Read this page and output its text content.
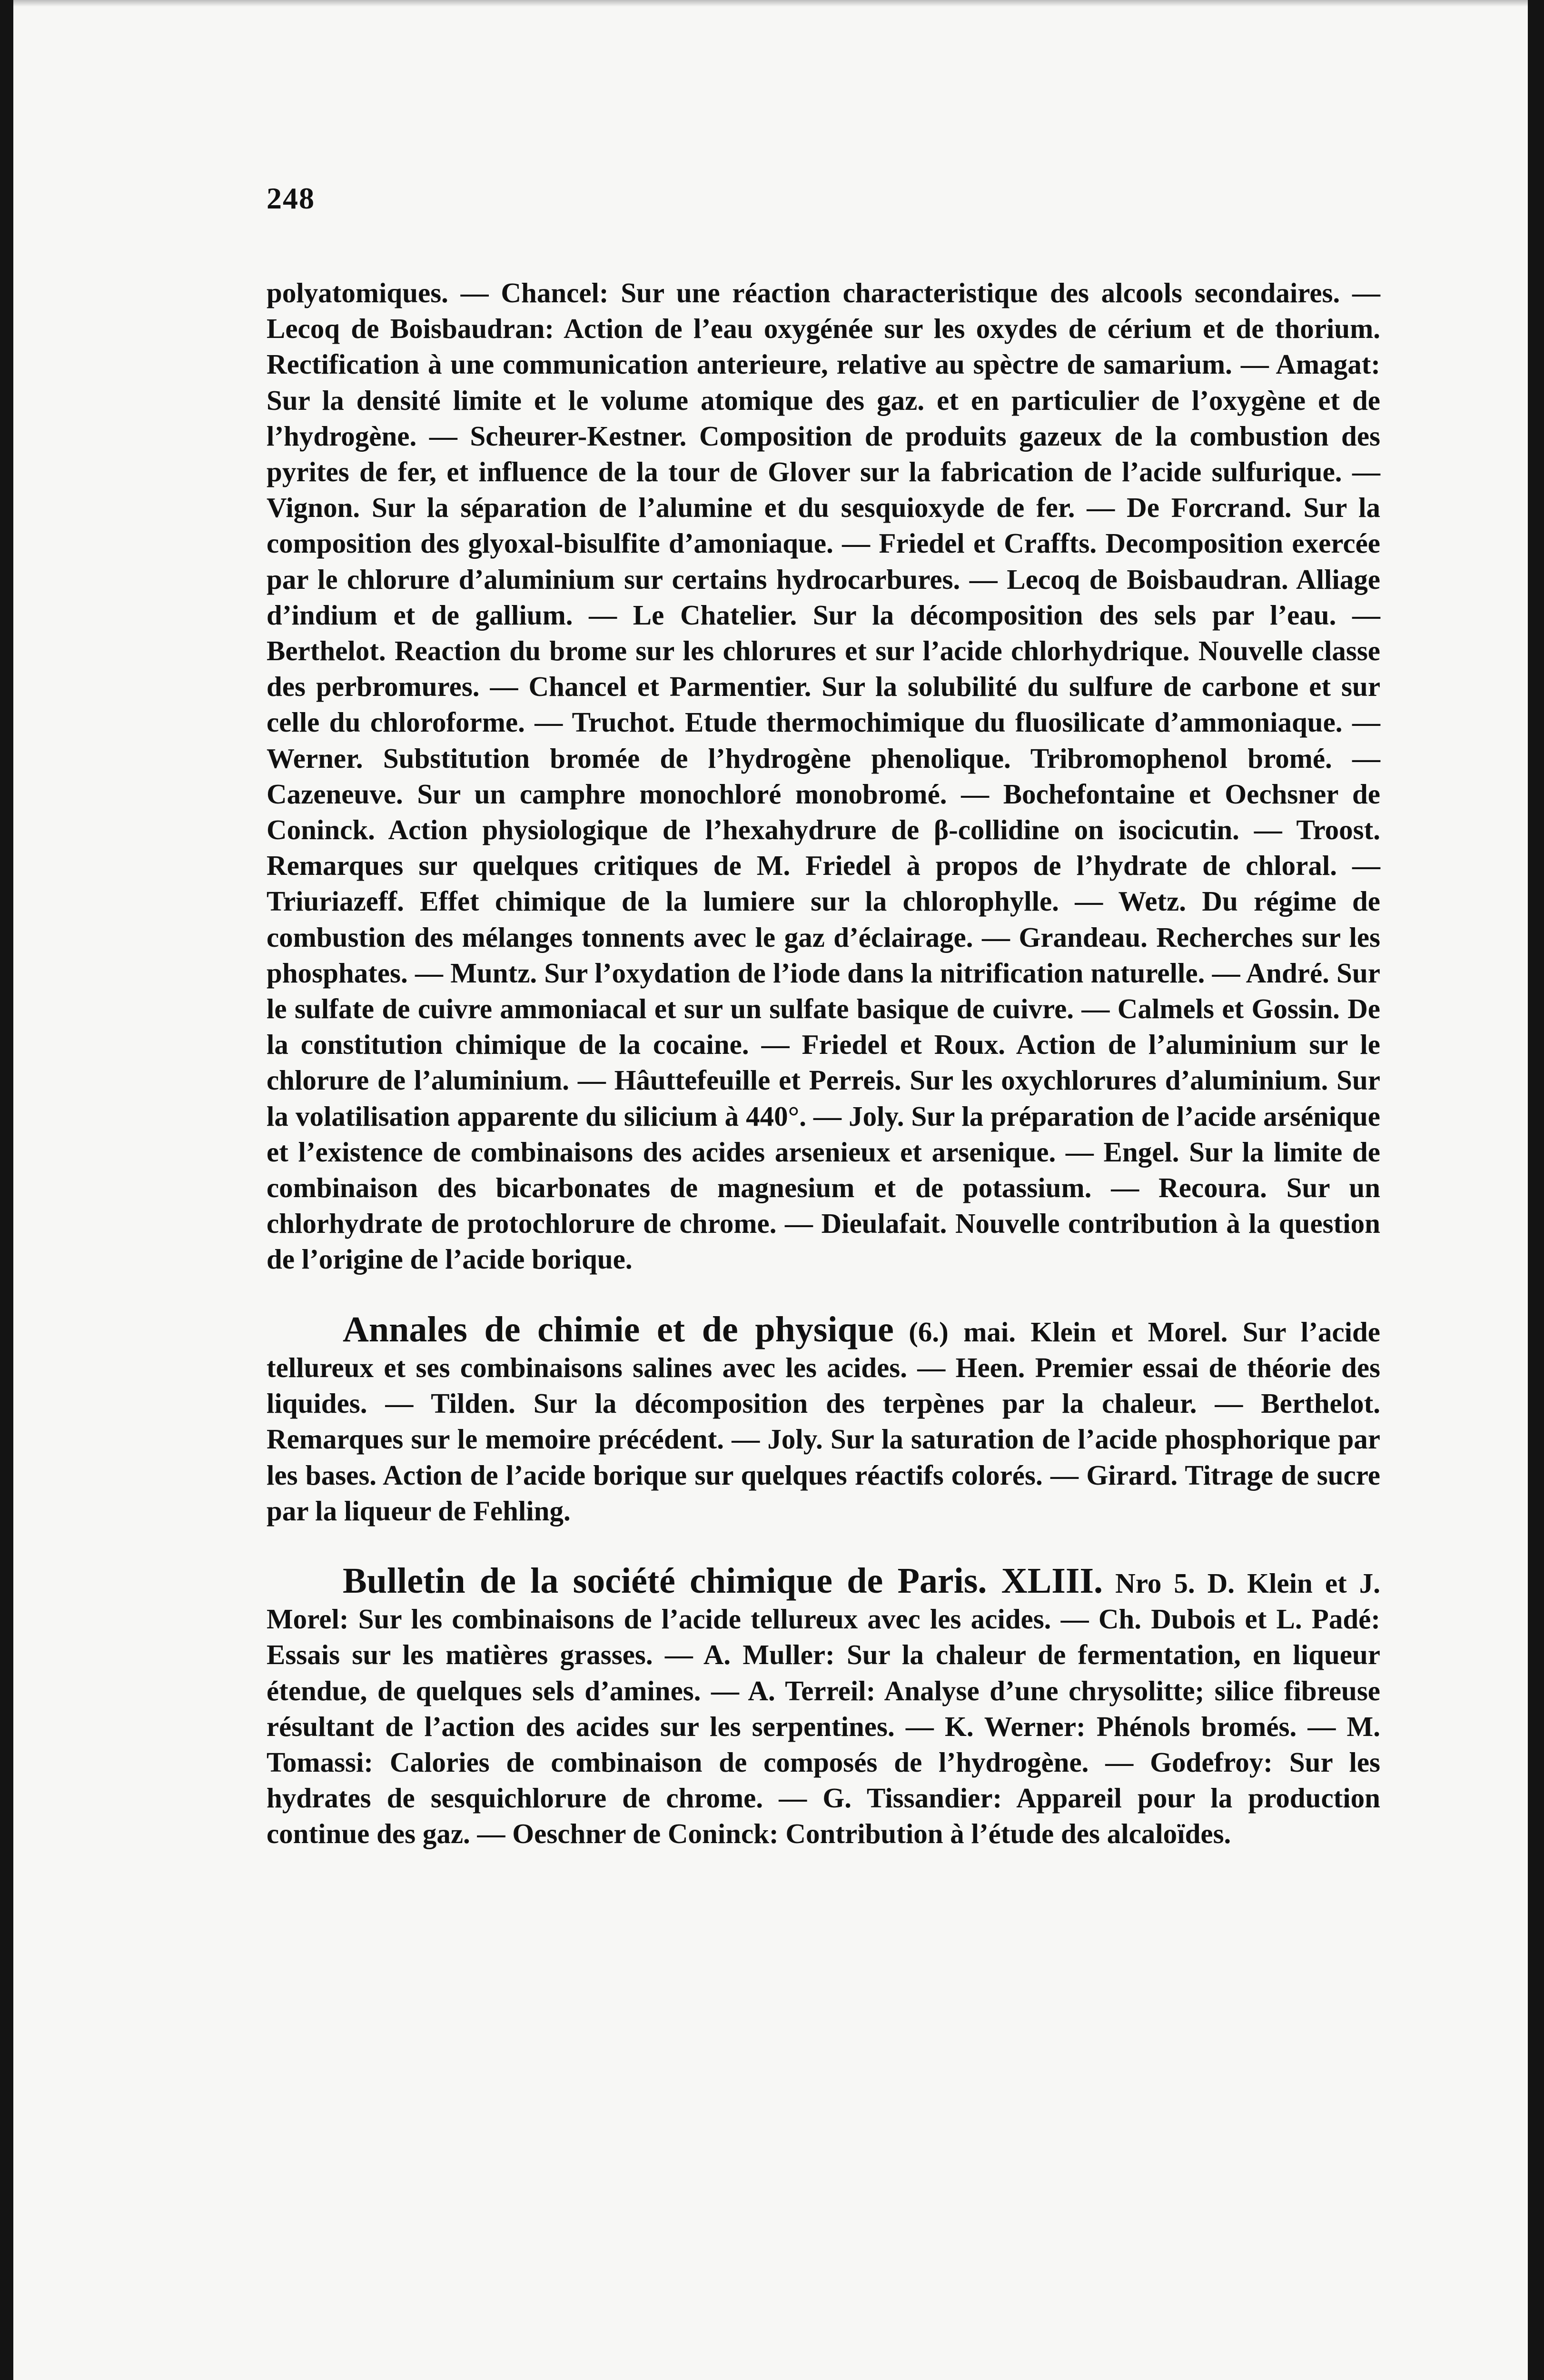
248

polyatomiques. — Chancel: Sur une réaction characteristique des alcools secondaires. — Lecoq de Boisbaudran: Action de l’eau oxygénée sur les oxydes de cérium et de thorium. Rectification à une communication anterieure, relative au spèctre de samarium. — Amagat: Sur la densité limite et le volume atomique des gaz. et en particulier de l’oxygène et de l’hydrogène. — Scheurer-Kestner. Composition de produits gazeux de la combustion des pyrites de fer, et influence de la tour de Glover sur la fabrication de l’acide sulfurique. — Vignon. Sur la séparation de l’alumine et du sesquioxyde de fer. — De Forcrand. Sur la composition des glyoxal-bisulfite d’amoniaque. — Friedel et Craffts. Decomposition exercée par le chlorure d’aluminium sur certains hydrocarbures. — Lecoq de Boisbaudran. Alliage d’indium et de gallium. — Le Chatelier. Sur la décomposition des sels par l’eau. — Berthelot. Reaction du brome sur les chlorures et sur l’acide chlorhydrique. Nouvelle classe des perbromures. — Chancel et Parmentier. Sur la solubilité du sulfure de carbone et sur celle du chloroforme. — Truchot. Etude thermochimique du fluosilicate d’ammoniaque. — Werner. Substitution bromée de l’hydrogène phenolique. Tribromophenol bromé. — Cazeneuve. Sur un camphre monochloré monobromé. — Bochefontaine et Oechsner de Coninck. Action physiologique de l’hexahydrure de β-collidine on isocicutin. — Troost. Remarques sur quelques critiques de M. Friedel à propos de l’hydrate de chloral. — Triuriazeff. Effet chimique de la lumiere sur la chlorophylle. — Wetz. Du régime de combustion des mélanges tonnents avec le gaz d’éclairage. — Grandeau. Recherches sur les phosphates. — Muntz. Sur l’oxydation de l’iode dans la nitrification naturelle. — André. Sur le sulfate de cuivre ammoniacal et sur un sulfate basique de cuivre. — Calmels et Gossin. De la constitution chimique de la cocaine. — Friedel et Roux. Action de l’aluminium sur le chlorure de l’aluminium. — Hâuttefeuille et Perreis. Sur les oxychlorures d’aluminium. Sur la volatilisation apparente du silicium à 440°. — Joly. Sur la préparation de l’acide arsénique et l’existence de combinaisons des acides arsenieux et arsenique. — Engel. Sur la limite de combinaison des bicarbonates de magnesium et de potassium. — Recoura. Sur un chlorhydrate de protochlorure de chrome. — Dieulafait. Nouvelle contribution à la question de l’origine de l’acide borique.

Annales de chimie et de physique (6.) mai. Klein et Morel. Sur l’acide tellureux et ses combinaisons salines avec les acides. — Heen. Premier essai de théorie des liquides. — Tilden. Sur la décomposition des terpènes par la chaleur. — Berthelot. Remarques sur le memoire précédent. — Joly. Sur la saturation de l’acide phosphorique par les bases. Action de l’acide borique sur quelques réactifs colorés. — Girard. Titrage de sucre par la liqueur de Fehling.

Bulletin de la société chimique de Paris. XLIII. Nro 5. D. Klein et J. Morel: Sur les combinaisons de l’acide tellureux avec les acides. — Ch. Dubois et L. Padé: Essais sur les matières grasses. — A. Muller: Sur la chaleur de fermentation, en liqueur étendue, de quelques sels d’amines. — A. Terreil: Analyse d’une chrysolitte; silice fibreuse résultant de l’action des acides sur les serpentines. — K. Werner: Phénols bromés. — M. Tomassi: Calories de combinaison de composés de l’hydrogène. — Godefroy: Sur les hydrates de sesquichlorure de chrome. — G. Tissandier: Appareil pour la production continue des gaz. — Oeschner de Coninck: Contribution à l’étude des alcaloïdes.
